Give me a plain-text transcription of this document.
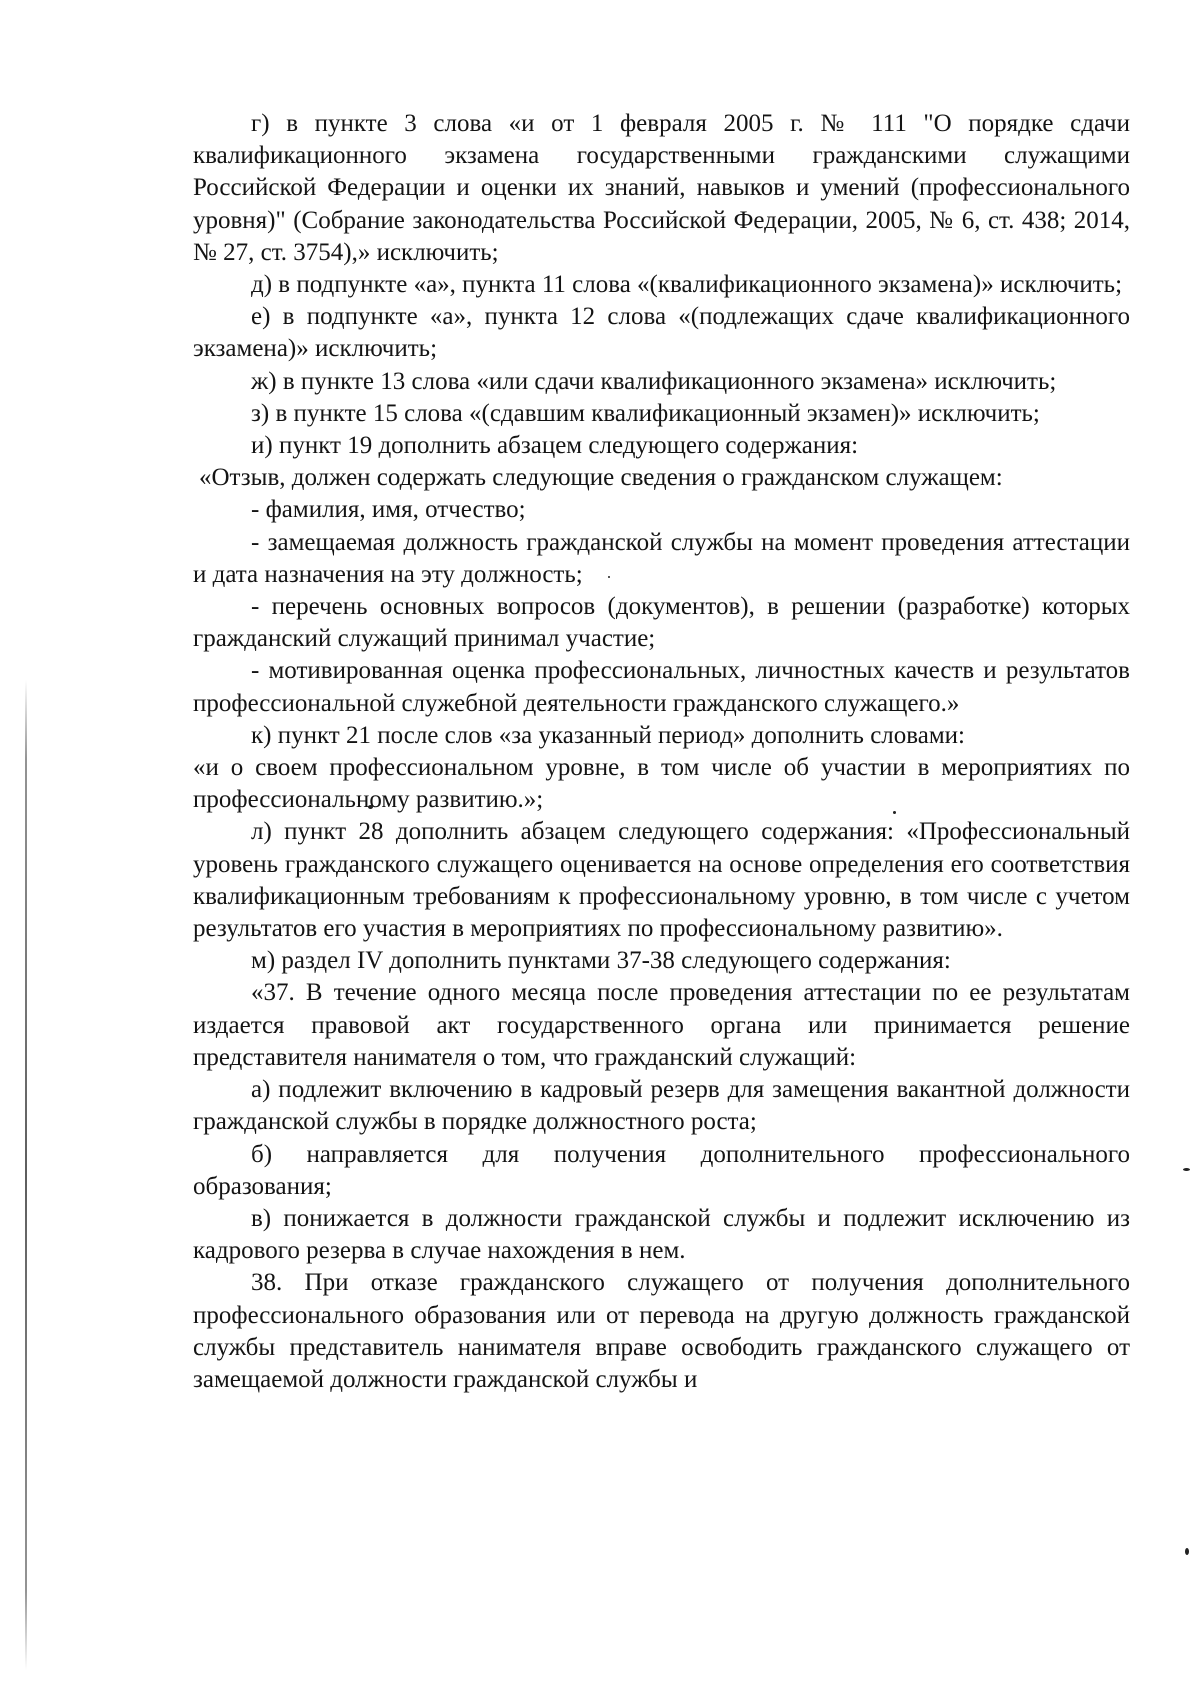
г) в пункте 3 слова «и от 1 февраля 2005 г. № 111 "О порядке сдачи квалификационного экзамена государственными гражданскими служащими Российской Федерации и оценки их знаний, навыков и умений (профессионального уровня)" (Собрание законодательства Российской Федерации, 2005, № 6, ст. 438; 2014, № 27, ст. 3754),» исключить;

д) в подпункте «а», пункта 11 слова «(квалификационного экзамена)» исключить;

е) в подпункте «а», пункта 12 слова «(подлежащих сдаче квалификационного экзамена)» исключить;

ж) в пункте 13 слова «или сдачи квалификационного экзамена» исключить;

з) в пункте 15 слова «(сдавшим квалификационный экзамен)» исключить;

и) пункт 19 дополнить абзацем следующего содержания:

«Отзыв, должен содержать следующие сведения о гражданском служащем:

- фамилия, имя, отчество;

- замещаемая должность гражданской службы на момент проведения аттестации и дата назначения на эту должность;

- перечень основных вопросов (документов), в решении (разработке) которых гражданский служащий принимал участие;

- мотивированная оценка профессиональных, личностных качеств и результатов профессиональной служебной деятельности гражданского служащего.»

к) пункт 21 после слов «за указанный период» дополнить словами:

«и о своем профессиональном уровне, в том числе об участии в мероприятиях по профессиональному развитию.»;

л) пункт 28 дополнить абзацем следующего содержания: «Профессиональный уровень гражданского служащего оценивается на основе определения его соответствия квалификационным требованиям к профессиональному уровню, в том числе с учетом результатов его участия в мероприятиях по профессиональному развитию».

м) раздел IV дополнить пунктами 37-38 следующего содержания:

«37. В течение одного месяца после проведения аттестации по ее результатам издается правовой акт государственного органа или принимается решение представителя нанимателя о том, что гражданский служащий:

а) подлежит включению в кадровый резерв для замещения вакантной должности гражданской службы в порядке должностного роста;

б) направляется для получения дополнительного профессионального образования;

в) понижается в должности гражданской службы и подлежит исключению из кадрового резерва в случае нахождения в нем.

38. При отказе гражданского служащего от получения дополнительного профессионального образования или от перевода на другую должность гражданской службы представитель нанимателя вправе освободить гражданского служащего от замещаемой должности гражданской службы и
